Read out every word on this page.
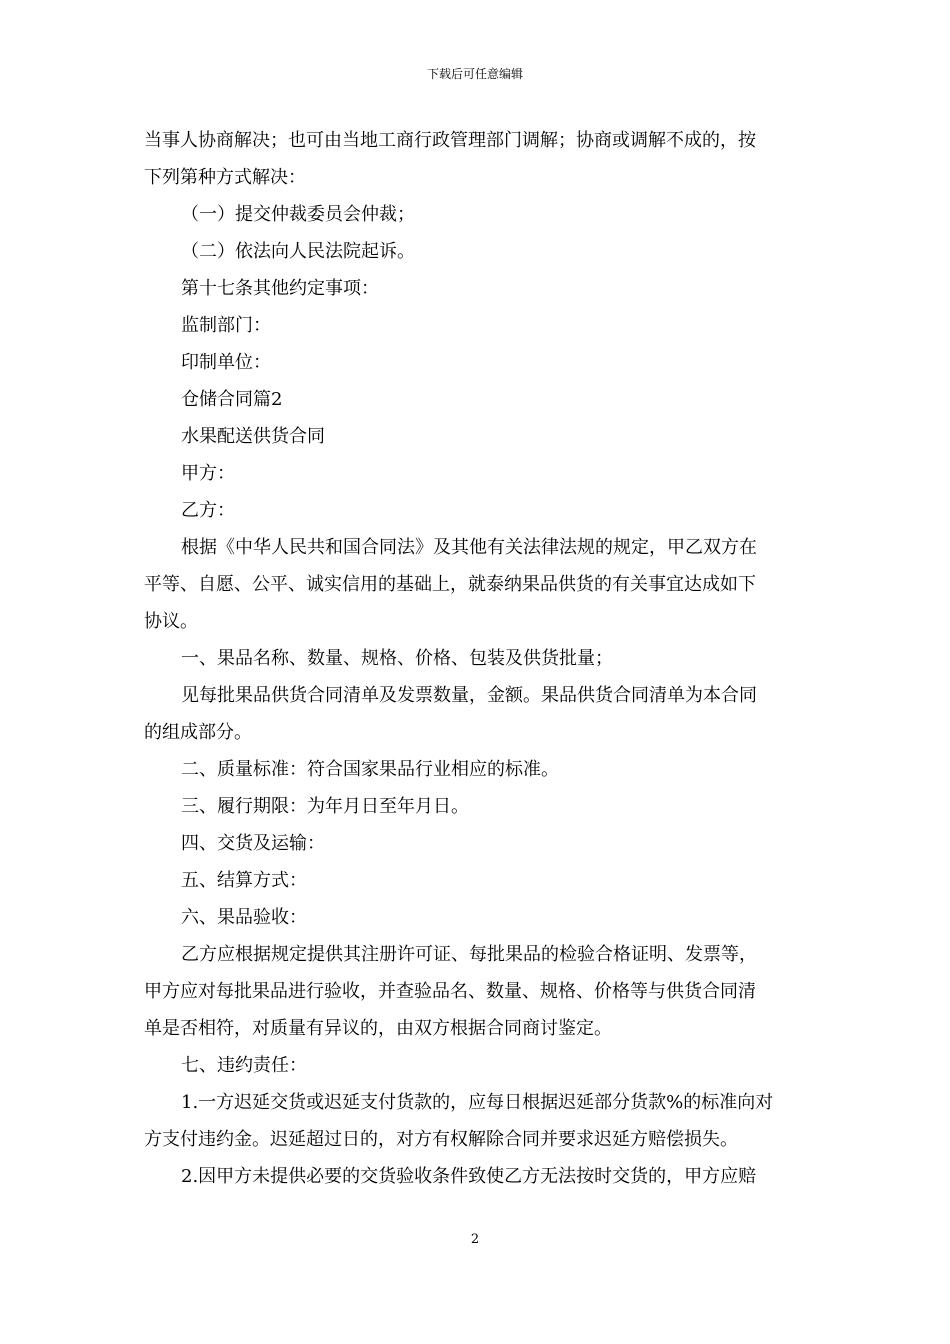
下载后可任意编辑
当事人协商解决；也可由当地工商行政管理部门调解；协商或调解不成的，按
下列第种方式解决：
（一）提交仲裁委员会仲裁；
（二）依法向人民法院起诉。
第十七条其他约定事项：
监制部门：
印制单位：
仓储合同篇2
水果配送供货合同
甲方：
乙方：
根据《中华人民共和国合同法》及其他有关法律法规的规定，甲乙双方在
平等、自愿、公平、诚实信用的基础上，就泰纳果品供货的有关事宜达成如下
协议。
一、果品名称、数量、规格、价格、包装及供货批量；
见每批果品供货合同清单及发票数量，金额。果品供货合同清单为本合同
的组成部分。
二、质量标准：符合国家果品行业相应的标准。
三、履行期限：为年月日至年月日。
四、交货及运输：
五、结算方式：
六、果品验收：
乙方应根据规定提供其注册许可证、每批果品的检验合格证明、发票等，
甲方应对每批果品进行验收，并查验品名、数量、规格、价格等与供货合同清
单是否相符，对质量有异议的，由双方根据合同商讨鉴定。
七、违约责任：
1.一方迟延交货或迟延支付货款的，应每日根据迟延部分货款%的标准向对
方支付违约金。迟延超过日的，对方有权解除合同并要求迟延方赔偿损失。
2.因甲方未提供必要的交货验收条件致使乙方无法按时交货的，甲方应赔
2
